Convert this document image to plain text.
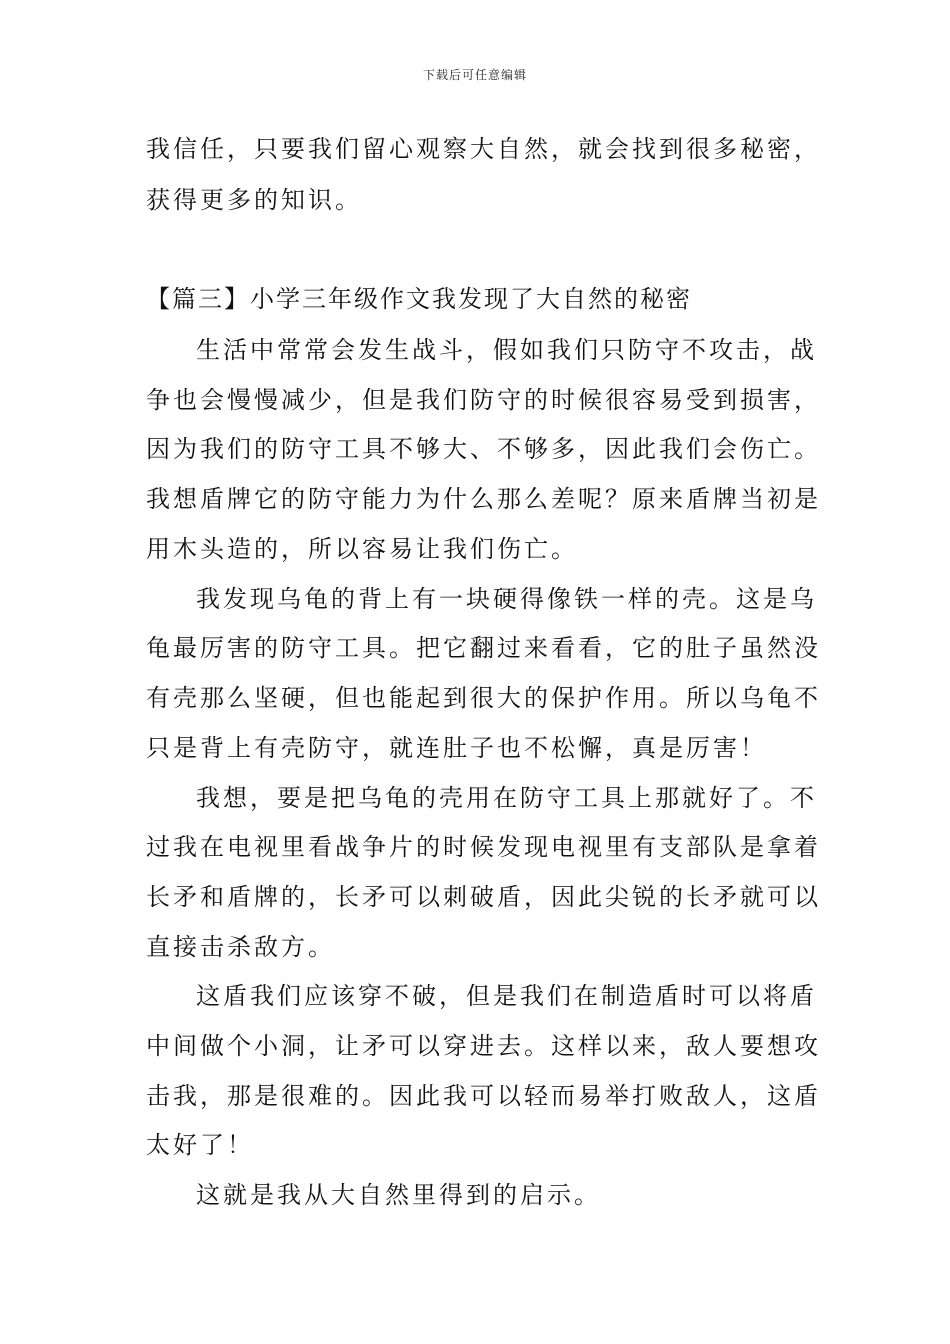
下载后可任意编辑
我信任，只要我们留心观察大自然，就会找到很多秘密，
获得更多的知识。
【篇三】小学三年级作文我发现了大自然的秘密
生活中常常会发生战斗，假如我们只防守不攻击，战
争也会慢慢减少，但是我们防守的时候很容易受到损害，
因为我们的防守工具不够大、不够多，因此我们会伤亡。
我想盾牌它的防守能力为什么那么差呢？原来盾牌当初是
用木头造的，所以容易让我们伤亡。
我发现乌龟的背上有一块硬得像铁一样的壳。这是乌
龟最厉害的防守工具。把它翻过来看看，它的肚子虽然没
有壳那么坚硬，但也能起到很大的保护作用。所以乌龟不
只是背上有壳防守，就连肚子也不松懈，真是厉害！
我想，要是把乌龟的壳用在防守工具上那就好了。不
过我在电视里看战争片的时候发现电视里有支部队是拿着
长矛和盾牌的，长矛可以刺破盾，因此尖锐的长矛就可以
直接击杀敌方。
这盾我们应该穿不破，但是我们在制造盾时可以将盾
中间做个小洞，让矛可以穿进去。这样以来，敌人要想攻
击我，那是很难的。因此我可以轻而易举打败敌人，这盾
太好了！
这就是我从大自然里得到的启示。
